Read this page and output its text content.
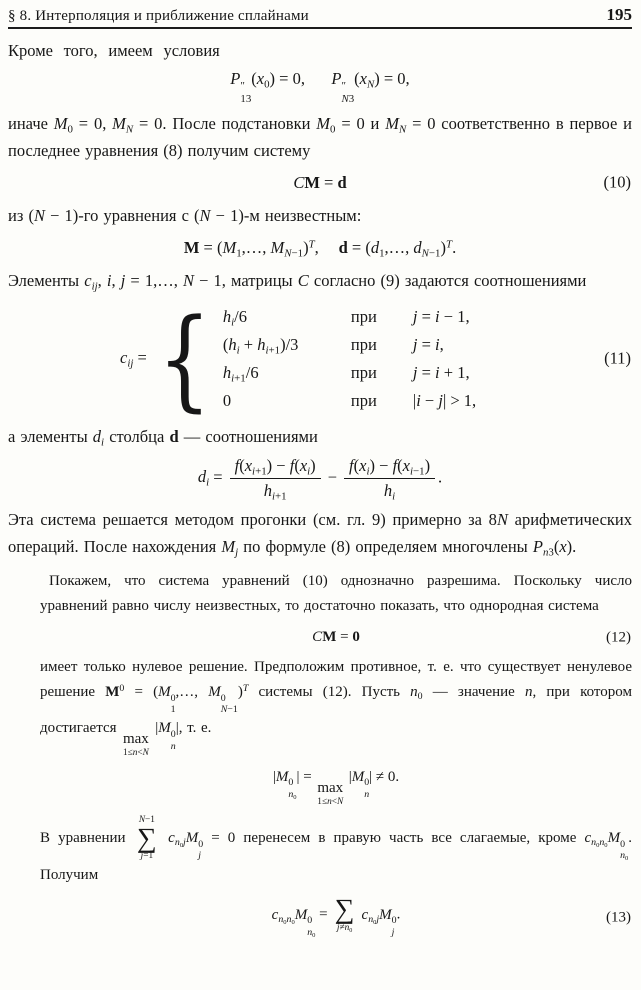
§ 8. Интерполяция и приближение сплайнами	195

Кроме того, имеем условия

P ″
13
$(x_0) = 0$, P ″
N3
$(x_N) = 0$,

иначе $M_0 = 0$, $M_N = 0$. После подстановки $M_0 = 0$ и $M_N = 0$ соответственно в первое и последнее уравнения (8) получим систему

CM = d	(10)

из (N − 1)-го уравнения с (N − 1)-м неизвестным:

$M = (M_1,\dots$, $M_{N-1})^T$, $d = (d_1,\dots$, $d_{N-1})^T$.

Элементы $c_{ij}$, i, j = 1,…, N − 1, матрицы C согласно (9) задаются соотношениями

$c_{ij}$ = { $h_i/6$	при	j = i − 1,
$(h_i + h_{i+1})/3$	при	j = i,
$h_{i+1}/6$	при	j = i + 1,
0	при	|i − j| > 1,
(11)

а элементы $d_i$ столбца d — соотношениями

$d_i = \frac{f(x_{i+1}) - f(x_i)}{h_{i+1}} - \frac{f(x_i) - f(x_{i-1})}{h_i}$ .

Эта система решается методом прогонки (см. гл. 9) примерно за 8N арифметических операций. После нахождения $M_j$ по формуле (8) определяем многочлены $P_{n3}(x)$.

Покажем, что система уравнений (10) однозначно разрешима. Поскольку число уравнений равно числу неизвестных, то достаточно показать, что однородная система

CM = 0	(12)

имеет только нулевое решение. Предположим противное, т. е. что существует ненулевое решение $M^0 = (M$ 0
1
,…, M 0
N−1
)$^T$ системы (12). Пусть $n_0$ — значение n, при котором достигается
max
1≤n<N
|M 0
n
|, т. е.

|M 0
$n_0$
| =
max
1≤n<N
|M 0
n
| ≠ 0.

В уравнении
N−1
∑
j=1
$c_{n_0j}M$ 0
j
= 0 перенесем в правую часть все слагаемые, кроме $c_{n_0n_0}M$ 0
$n_0$
. Получим

$c_{n_0n_0}M$ 0
$n_0$
= ∑
$j\ne n_0$
$c_{n_0j}M$ 0
j
.	(13)
